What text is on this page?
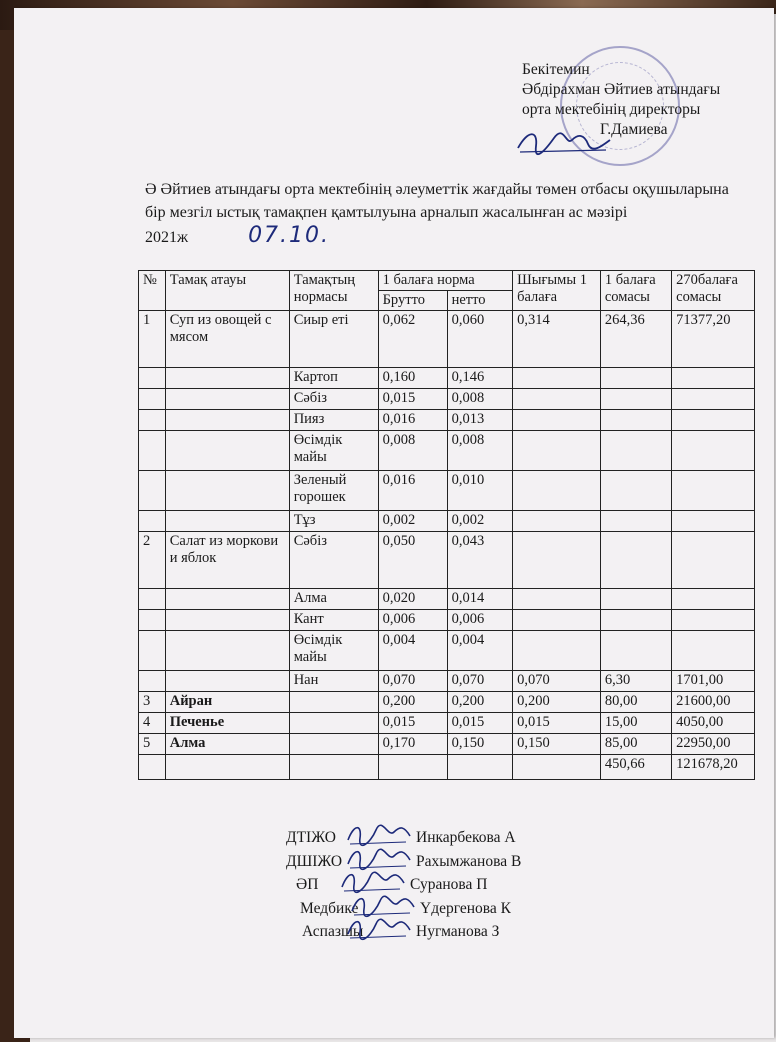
Бекітемин
Әбдірахман Әйтиев атындағы
орта мектебінің директоры
Г.Дамиева
Ә Әйтиев атындағы орта мектебінің әлеуметтік жағдайы төмен отбасы оқушыларына бір мезгіл ыстық тамақпен қамтылуына арналып жасалынған ас мәзірі 2021ж	07.10.
№	Тамақ атауы	Тамақтың нормасы	1 балаға норма		Шығымы 1 балаға	1 балаға сомасы	270балаға сомасы
			Брутто	нетто			
1	Суп из овощей с мясом	Сиыр еті	0,062	0,060	0,314	264,36	71377,20
		Картоп	0,160	0,146			
		Сәбіз	0,015	0,008			
		Пияз	0,016	0,013			
		Өсімдік майы	0,008	0,008			
		Зеленый горошек	0,016	0,010			
		Тұз	0,002	0,002			
2	Салат из моркови и яблок	Сәбіз	0,050	0,043			
		Алма	0,020	0,014			
		Кант	0,006	0,006			
		Өсімдік майы	0,004	0,004			
		Нан	0,070	0,070	0,070	6,30	1701,00
3	Айран		0,200	0,200	0,200	80,00	21600,00
4	Печенье		0,015	0,015	0,015	15,00	4050,00
5	Алма		0,170	0,150	0,150	85,00	22950,00
						450,66	121678,20
ДТІЖО	Инкарбекова А
ДШІЖО	Рахымжанова В
ӘП	Суранова П
Медбике	Үдергенова К
Аспазшы	Нугманова З
